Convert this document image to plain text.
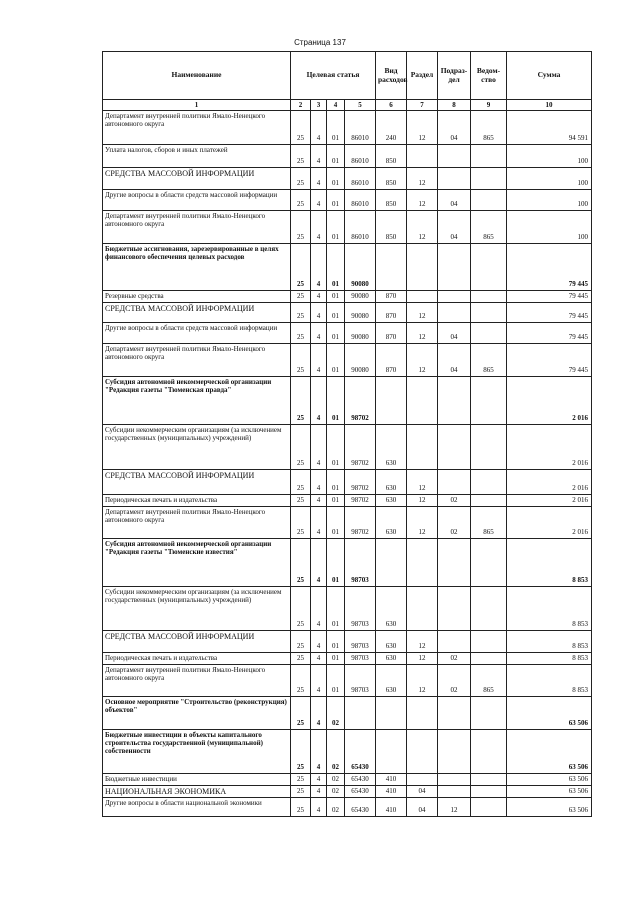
Страница 137
Наименование	Целевая статья				Вид расходов	Раздел	Подраз-дел	Ведом-ство	Сумма
1	2	3	4	5	6	7	8	9	10
Департамент внутренней политики Ямало-Ненецкого автономного округа	25	4	01	86010	240	12	04	865	94 591
Уплата налогов, сборов и иных платежей	25	4	01	86010	850				100
СРЕДСТВА МАССОВОЙ ИНФОРМАЦИИ	25	4	01	86010	850	12			100
Другие вопросы в области средств массовой информации	25	4	01	86010	850	12	04		100
Департамент внутренней политики Ямало-Ненецкого автономного округа	25	4	01	86010	850	12	04	865	100
Бюджетные ассигнования, зарезервированные в целях финансового обеспечения целевых расходов	25	4	01	90080					79 445
Резервные средства	25	4	01	90080	870				79 445
СРЕДСТВА МАССОВОЙ ИНФОРМАЦИИ	25	4	01	90080	870	12			79 445
Другие вопросы в области средств массовой информации	25	4	01	90080	870	12	04		79 445
Департамент внутренней политики Ямало-Ненецкого автономного округа	25	4	01	90080	870	12	04	865	79 445
Субсидия автономной некоммерческой организации "Редакция газеты "Тюменская правда"	25	4	01	98702					2 016
Субсидии некоммерческим организациям (за исключением государственных (муниципальных) учреждений)	25	4	01	98702	630				2 016
СРЕДСТВА МАССОВОЙ ИНФОРМАЦИИ	25	4	01	98702	630	12			2 016
Периодическая печать и издательства	25	4	01	98702	630	12	02		2 016
Департамент внутренней политики Ямало-Ненецкого автономного округа	25	4	01	98702	630	12	02	865	2 016
Субсидия автономной некоммерческой организации "Редакция газеты "Тюменские известия"	25	4	01	98703					8 853
Субсидии некоммерческим организациям (за исключением государственных (муниципальных) учреждений)	25	4	01	98703	630				8 853
СРЕДСТВА МАССОВОЙ ИНФОРМАЦИИ	25	4	01	98703	630	12			8 853
Периодическая печать и издательства	25	4	01	98703	630	12	02		8 853
Департамент внутренней политики Ямало-Ненецкого автономного округа	25	4	01	98703	630	12	02	865	8 853
Основное мероприятие "Строительство (реконструкция) объектов"	25	4	02						63 506
Бюджетные инвестиции в объекты капитального строительства государственной (муниципальной) собственности	25	4	02	65430					63 506
Бюджетные инвестиции	25	4	02	65430	410				63 506
НАЦИОНАЛЬНАЯ ЭКОНОМИКА	25	4	02	65430	410	04			63 506
Другие вопросы в области национальной экономики	25	4	02	65430	410	04	12		63 506
